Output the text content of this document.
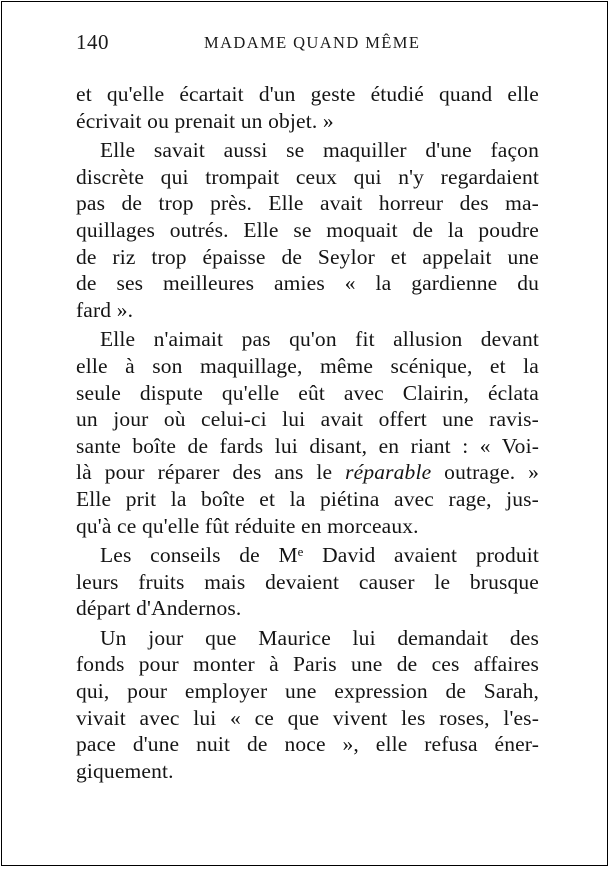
140	MADAME QUAND MÊME
et qu'elle écartait d'un geste étudié quand elle
écrivait ou prenait un objet. »
Elle savait aussi se maquiller d'une façon
discrète qui trompait ceux qui n'y regardaient
pas de trop près. Elle avait horreur des ma-
quillages outrés. Elle se moquait de la poudre
de riz trop épaisse de Seylor et appelait une
de ses meilleures amies « la gardienne du
fard ».
Elle n'aimait pas qu'on fit allusion devant
elle à son maquillage, même scénique, et la
seule dispute qu'elle eût avec Clairin, éclata
un jour où celui-ci lui avait offert une ravis-
sante boîte de fards lui disant, en riant : « Voi-
là pour réparer des ans le réparable outrage. »
Elle prit la boîte et la piétina avec rage, jus-
qu'à ce qu'elle fût réduite en morceaux.
Les conseils de Mᵉ David avaient produit
leurs fruits mais devaient causer le brusque
départ d'Andernos.
Un jour que Maurice lui demandait des
fonds pour monter à Paris une de ces affaires
qui, pour employer une expression de Sarah,
vivait avec lui « ce que vivent les roses, l'es-
pace d'une nuit de noce », elle refusa éner-
giquement.
